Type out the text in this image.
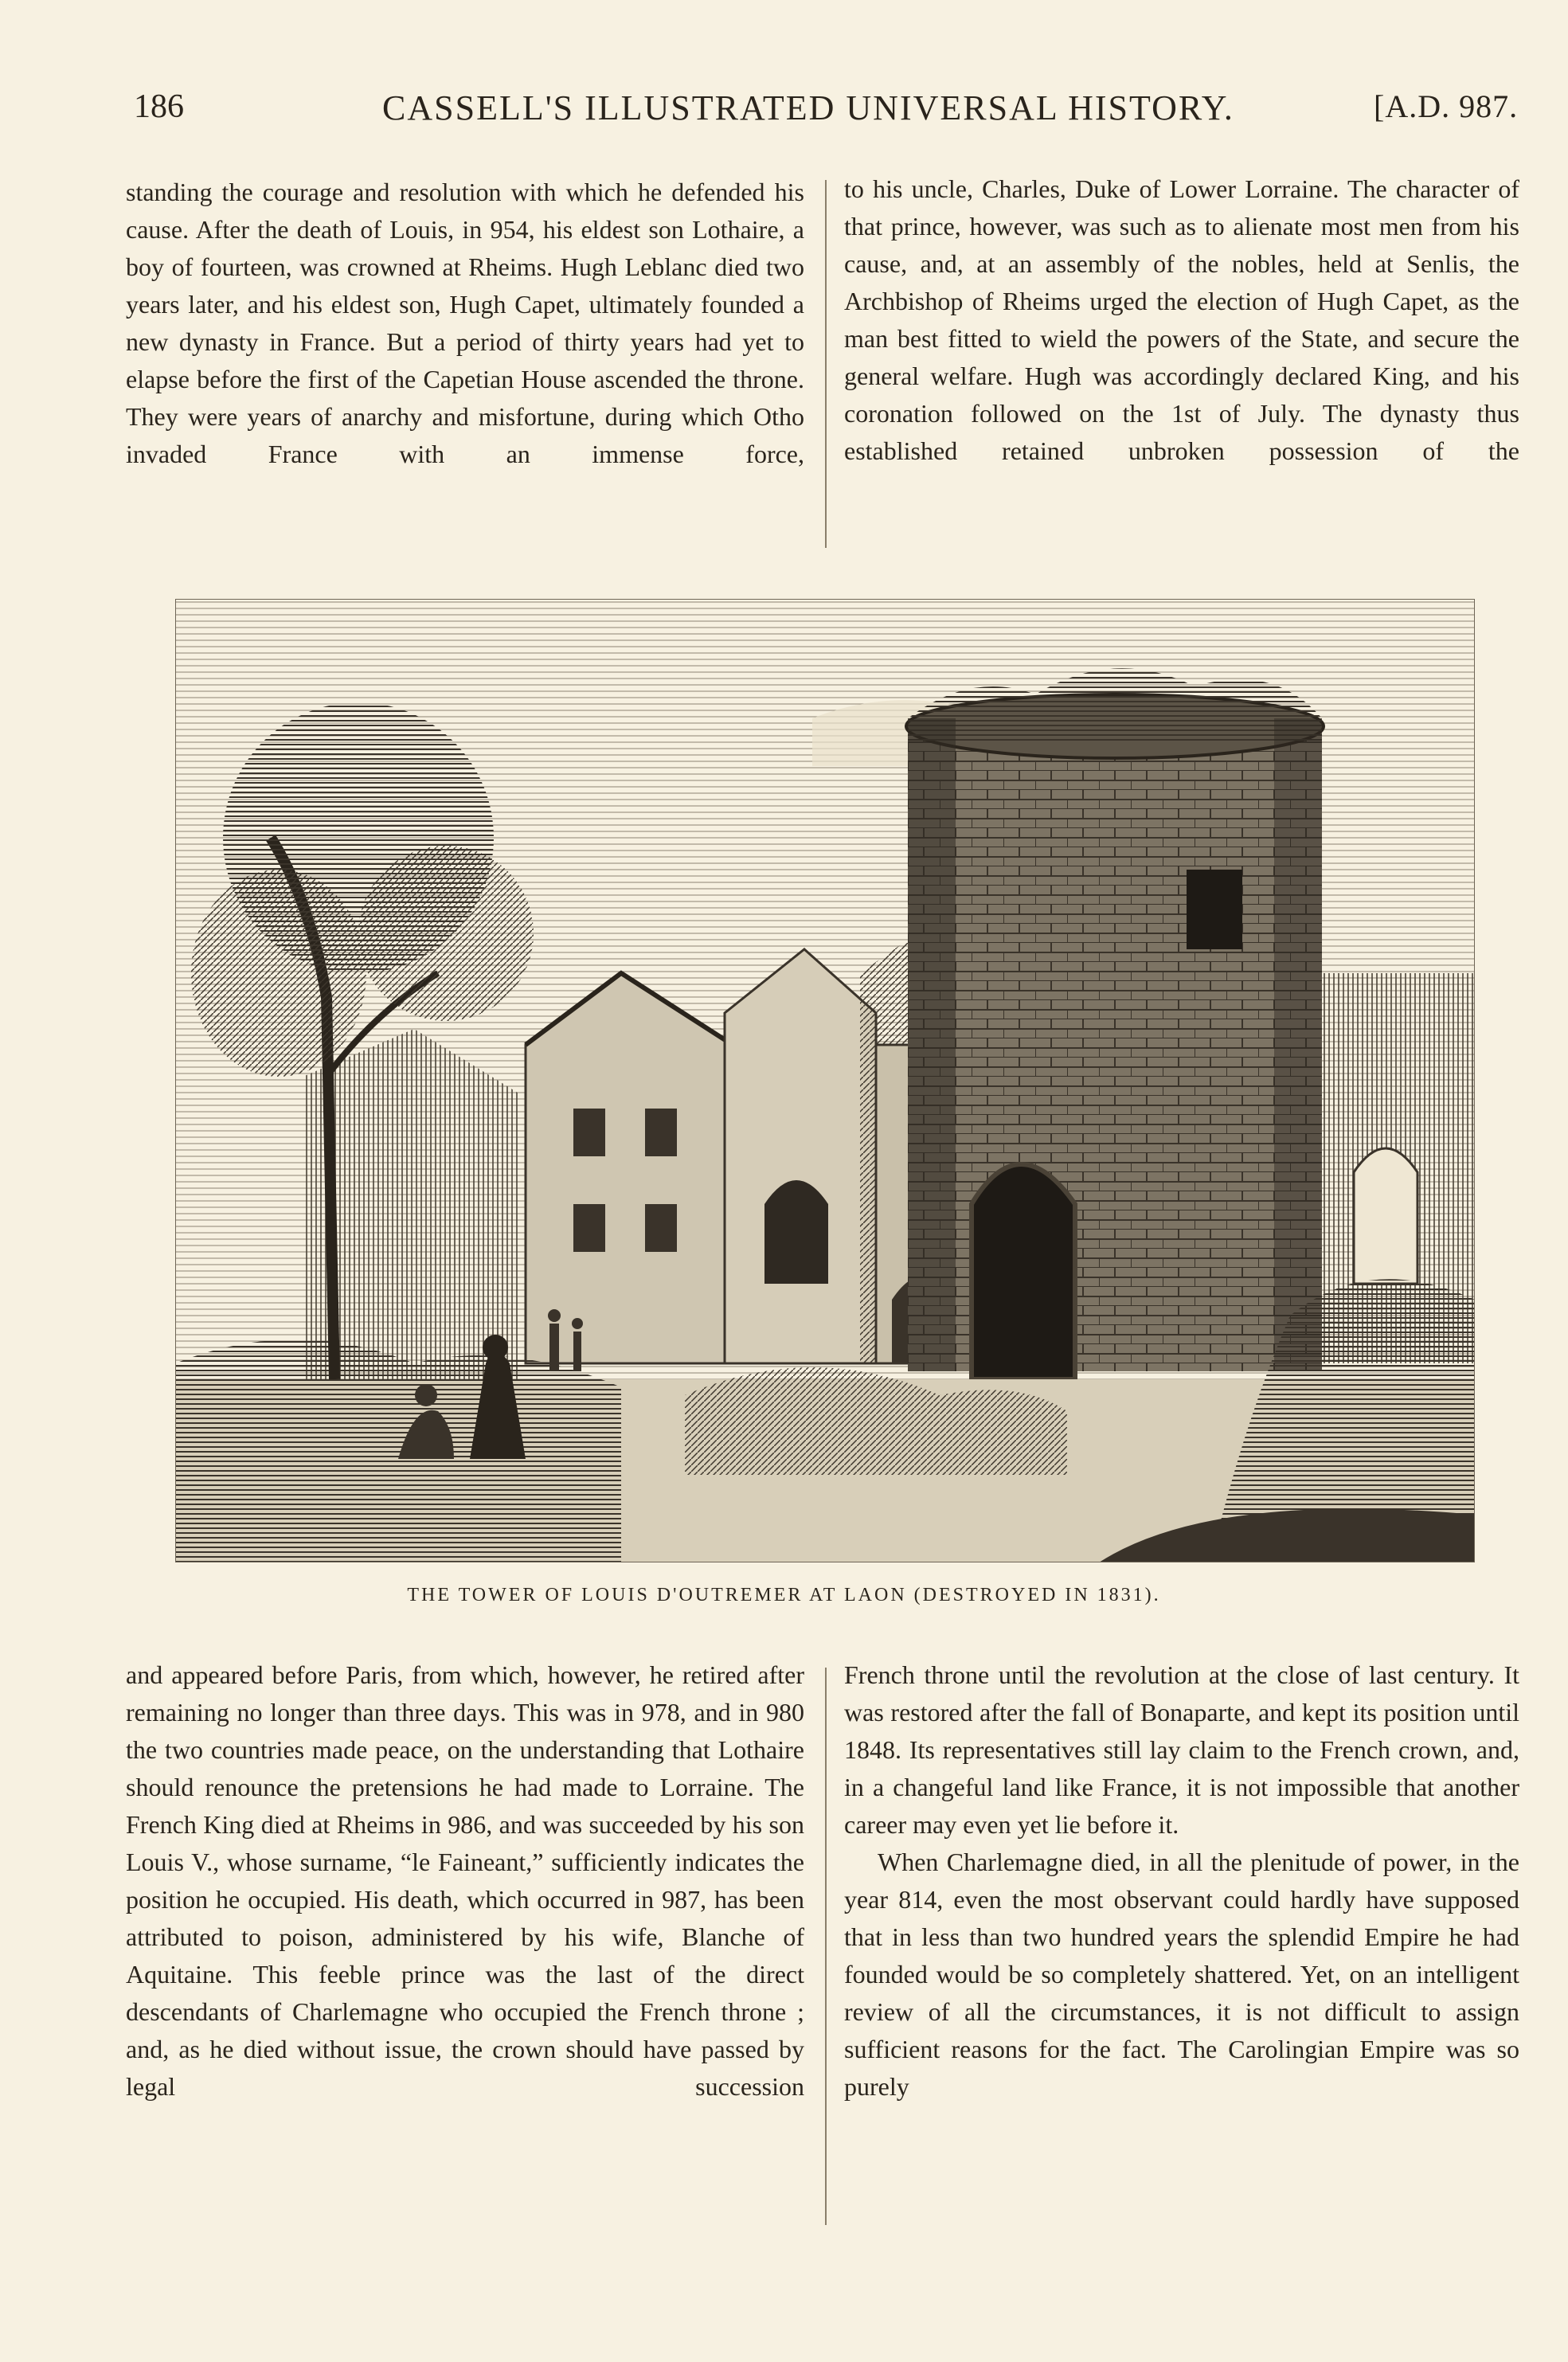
186	CASSELL'S ILLUSTRATED UNIVERSAL HISTORY.	[A.D. 987.

standing the courage and resolution with which he defended his cause. After the death of Louis, in 954, his eldest son Lothaire, a boy of fourteen, was crowned at Rheims. Hugh Leblanc died two years later, and his eldest son, Hugh Capet, ultimately founded a new dynasty in France. But a period of thirty years had yet to elapse before the first of the Capetian House ascended the throne. They were years of anarchy and misfortune, during which Otho invaded France with an immense force,

to his uncle, Charles, Duke of Lower Lorraine. The character of that prince, however, was such as to alienate most men from his cause, and, at an assembly of the nobles, held at Senlis, the Archbishop of Rheims urged the election of Hugh Capet, as the man best fitted to wield the powers of the State, and secure the general welfare. Hugh was accordingly declared King, and his coronation followed on the 1st of July. The dynasty thus established retained unbroken possession of the

THE TOWER OF LOUIS D'OUTREMER AT LAON (DESTROYED IN 1831).

and appeared before Paris, from which, however, he retired after remaining no longer than three days. This was in 978, and in 980 the two countries made peace, on the understanding that Lothaire should renounce the pretensions he had made to Lorraine. The French King died at Rheims in 986, and was succeeded by his son Louis V., whose surname, “le Faineant,” sufficiently indicates the position he occupied. His death, which occurred in 987, has been attributed to poison, administered by his wife, Blanche of Aquitaine. This feeble prince was the last of the direct descendants of Charlemagne who occupied the French throne ; and, as he died without issue, the crown should have passed by legal succession

French throne until the revolution at the close of last century. It was restored after the fall of Bonaparte, and kept its position until 1848. Its representatives still lay claim to the French crown, and, in a changeful land like France, it is not impossible that another career may even yet lie before it.

When Charlemagne died, in all the plenitude of power, in the year 814, even the most observant could hardly have supposed that in less than two hundred years the splendid Empire he had founded would be so completely shattered. Yet, on an intelligent review of all the circumstances, it is not difficult to assign sufficient reasons for the fact. The Carolingian Empire was so purely
